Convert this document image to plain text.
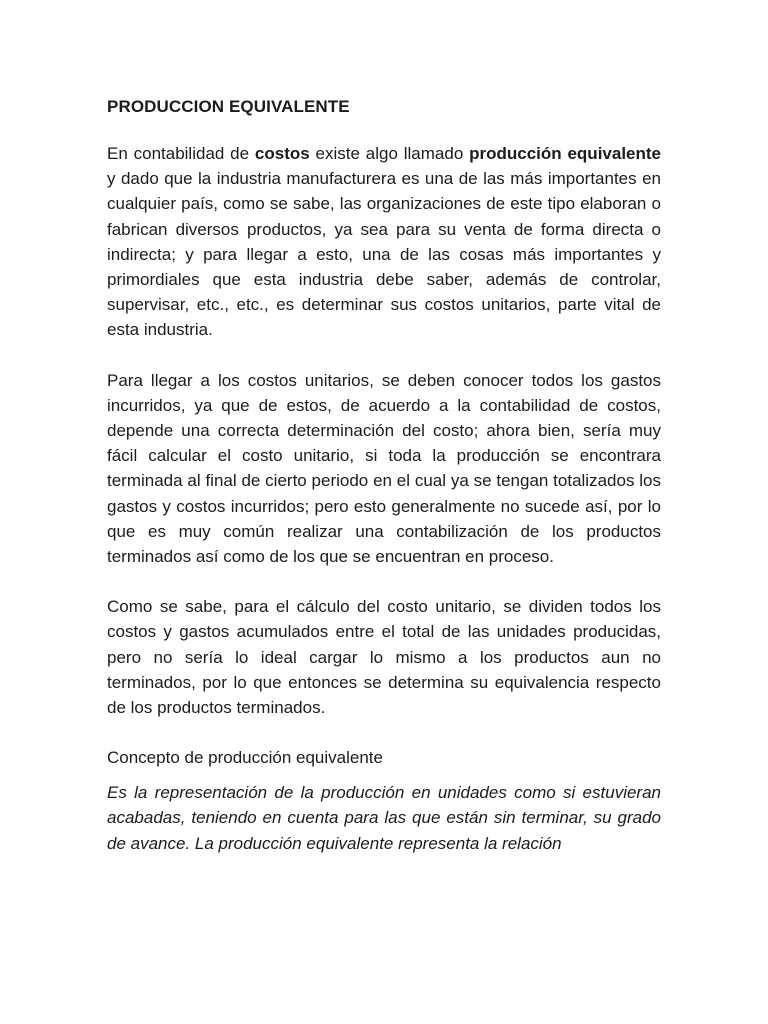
PRODUCCION EQUIVALENTE

En contabilidad de costos existe algo llamado producción equivalente y dado que la industria manufacturera es una de las más importantes en cualquier país, como se sabe, las organizaciones de este tipo elaboran o fabrican diversos productos, ya sea para su venta de forma directa o indirecta; y para llegar a esto, una de las cosas más importantes y primordiales que esta industria debe saber, además de controlar, supervisar, etc., etc., es determinar sus costos unitarios, parte vital de esta industria.

Para llegar a los costos unitarios, se deben conocer todos los gastos incurridos, ya que de estos, de acuerdo a la contabilidad de costos, depende una correcta determinación del costo; ahora bien, sería muy fácil calcular el costo unitario, si toda la producción se encontrara terminada al final de cierto periodo en el cual ya se tengan totalizados los gastos y costos incurridos; pero esto generalmente no sucede así, por lo que es muy común realizar una contabilización de los productos terminados así como de los que se encuentran en proceso.

Como se sabe, para el cálculo del costo unitario, se dividen todos los costos y gastos acumulados entre el total de las unidades producidas, pero no sería lo ideal cargar lo mismo a los productos aun no terminados, por lo que entonces se determina su equivalencia respecto de los productos terminados.

Concepto de producción equivalente

Es la representación de la producción en unidades como si estuvieran acabadas, teniendo en cuenta para las que están sin terminar, su grado de avance. La producción equivalente representa la relación
